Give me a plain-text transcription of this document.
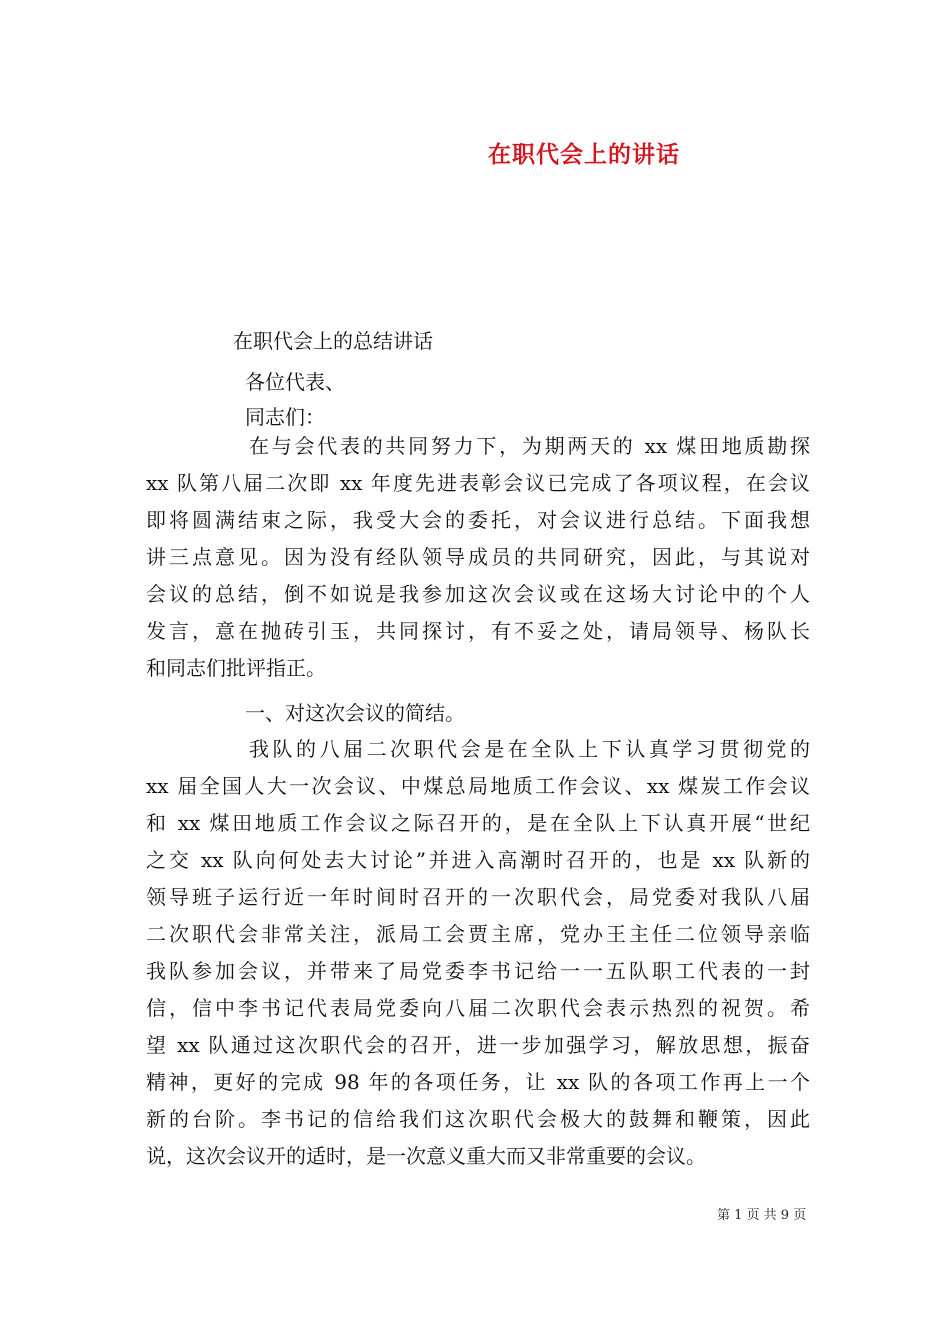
在职代会上的讲话
在职代会上的总结讲话
各位代表、
同志们：
在与会代表的共同努力下，为期两天的 xx 煤田地质勘探
xx 队第八届二次即 xx 年度先进表彰会议已完成了各项议程，在会议
即将圆满结束之际，我受大会的委托，对会议进行总结。下面我想
讲三点意见。因为没有经队领导成员的共同研究，因此，与其说对
会议的总结，倒不如说是我参加这次会议或在这场大讨论中的个人
发言，意在抛砖引玉，共同探讨，有不妥之处，请局领导、杨队长
和同志们批评指正。
一、对这次会议的简结。
我队的八届二次职代会是在全队上下认真学习贯彻党的
xx 届全国人大一次会议、中煤总局地质工作会议、xx 煤炭工作会议
和 xx 煤田地质工作会议之际召开的，是在全队上下认真开展“世纪
之交 xx 队向何处去大讨论”并进入高潮时召开的，也是 xx 队新的
领导班子运行近一年时间时召开的一次职代会，局党委对我队八届
二次职代会非常关注，派局工会贾主席，党办王主任二位领导亲临
我队参加会议，并带来了局党委李书记给一一五队职工代表的一封
信，信中李书记代表局党委向八届二次职代会表示热烈的祝贺。希
望 xx 队通过这次职代会的召开，进一步加强学习，解放思想，振奋
精神，更好的完成 98 年的各项任务，让 xx 队的各项工作再上一个
新的台阶。李书记的信给我们这次职代会极大的鼓舞和鞭策，因此
说，这次会议开的适时，是一次意义重大而又非常重要的会议。
第 1 页 共 9 页
